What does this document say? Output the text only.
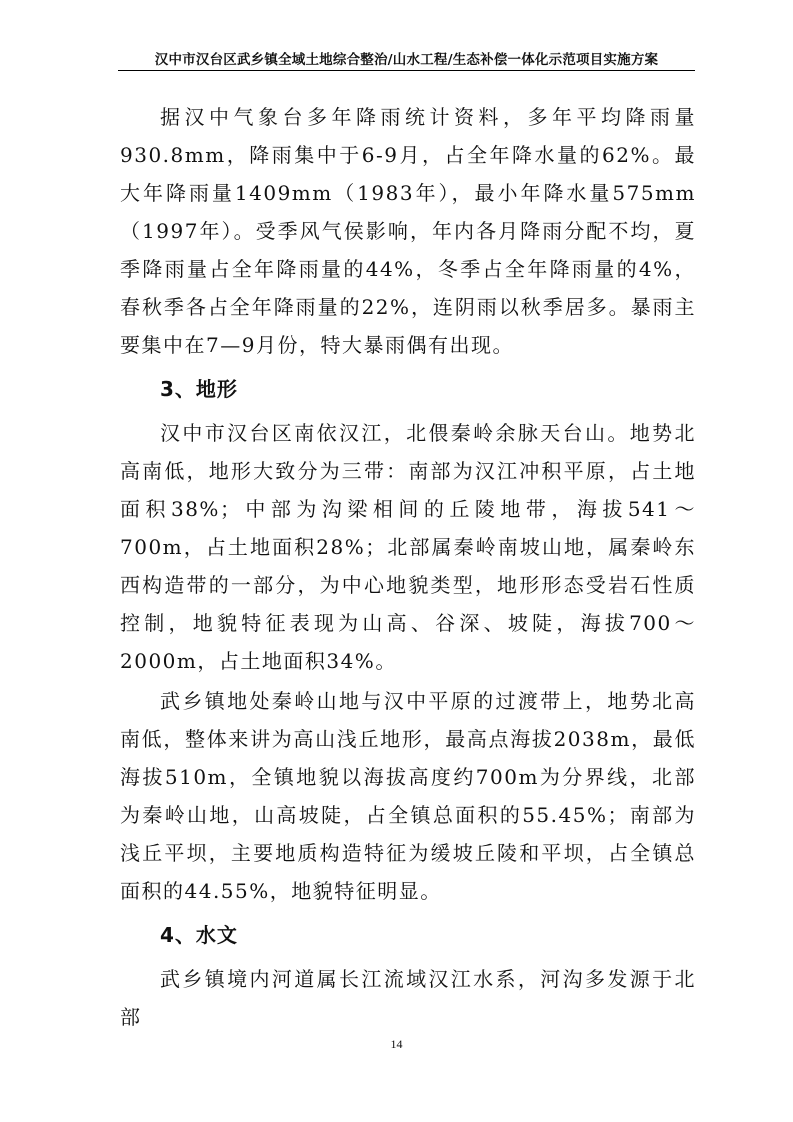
汉中市汉台区武乡镇全域土地综合整治/山水工程/生态补偿一体化示范项目实施方案

据汉中气象台多年降雨统计资料，多年平均降雨量930.8mm，降雨集中于6-9月，占全年降水量的62%。最大年降雨量1409mm（1983年），最小年降水量575mm（1997年）。受季风气侯影响，年内各月降雨分配不均，夏季降雨量占全年降雨量的44%，冬季占全年降雨量的4%，春秋季各占全年降雨量的22%，连阴雨以秋季居多。暴雨主要集中在7—9月份，特大暴雨偶有出现。

3、地形

汉中市汉台区南依汉江，北偎秦岭余脉天台山。地势北高南低，地形大致分为三带：南部为汉江冲积平原，占土地面积38%；中部为沟梁相间的丘陵地带，海拔541～700m，占土地面积28%；北部属秦岭南坡山地，属秦岭东西构造带的一部分，为中心地貌类型，地形形态受岩石性质控制，地貌特征表现为山高、谷深、坡陡，海拔700～2000m，占土地面积34%。

武乡镇地处秦岭山地与汉中平原的过渡带上，地势北高南低，整体来讲为高山浅丘地形，最高点海拔2038m，最低海拔510m，全镇地貌以海拔高度约700m为分界线，北部为秦岭山地，山高坡陡，占全镇总面积的55.45%；南部为浅丘平坝，主要地质构造特征为缓坡丘陵和平坝，占全镇总面积的44.55%，地貌特征明显。

4、水文

武乡镇境内河道属长江流域汉江水系，河沟多发源于北部

14
